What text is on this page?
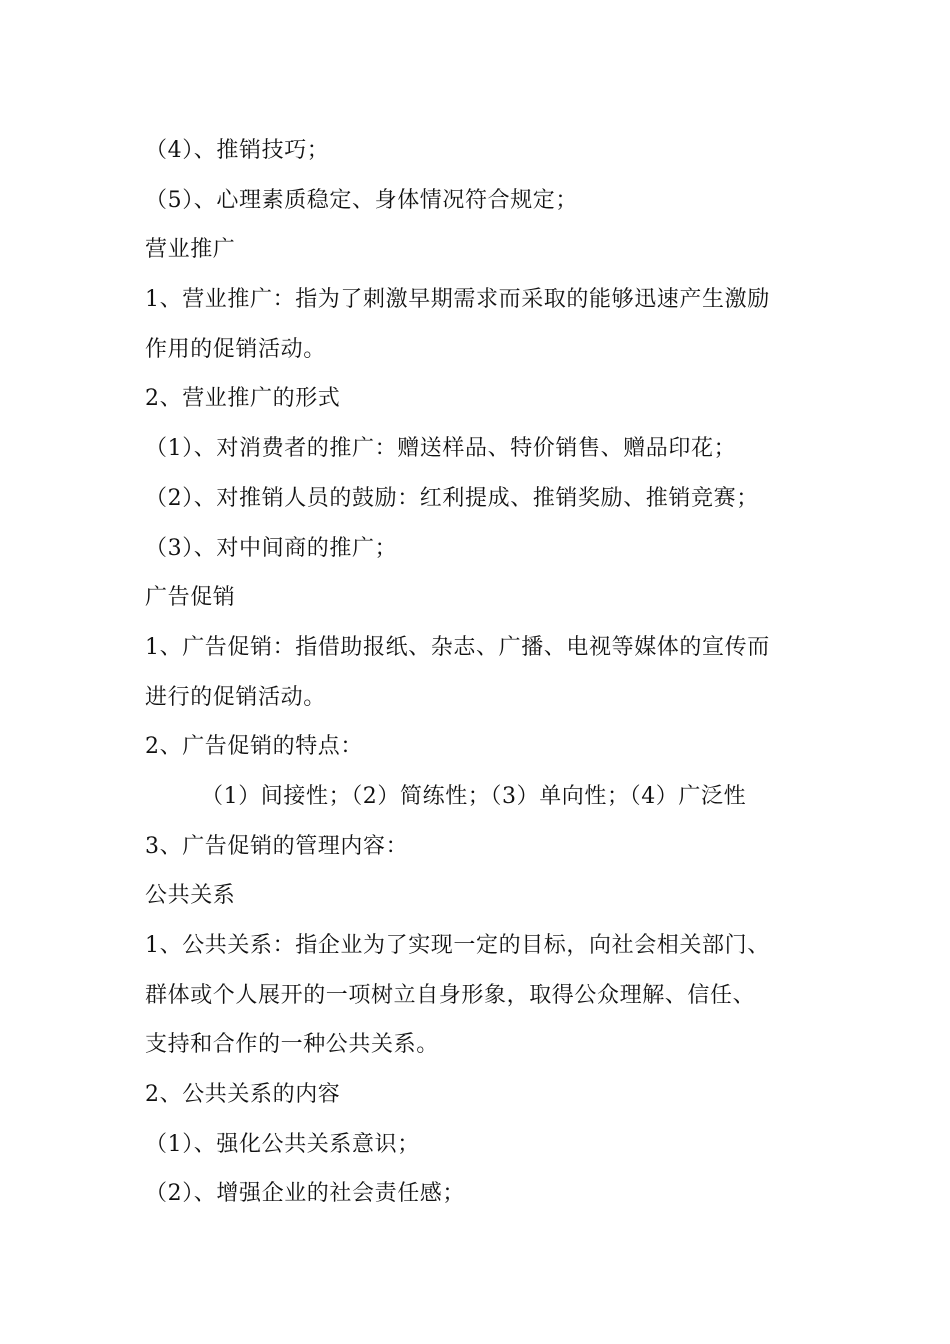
（4）、推销技巧；
（5）、心理素质稳定、身体情况符合规定；
营业推广
1、营业推广：指为了刺激早期需求而采取的能够迅速产生激励
作用的促销活动。
2、营业推广的形式
（1）、对消费者的推广：赠送样品、特价销售、赠品印花；
（2）、对推销人员的鼓励：红利提成、推销奖励、推销竞赛；
（3）、对中间商的推广；
广告促销
1、广告促销：指借助报纸、杂志、广播、电视等媒体的宣传而
进行的促销活动。
2、广告促销的特点：
（1）间接性；（2）简练性；（3）单向性；（4）广泛性
3、广告促销的管理内容：
公共关系
1、公共关系：指企业为了实现一定的目标，向社会相关部门、
群体或个人展开的一项树立自身形象，取得公众理解、信任、
支持和合作的一种公共关系。
2、公共关系的内容
（1）、强化公共关系意识；
（2）、增强企业的社会责任感；
